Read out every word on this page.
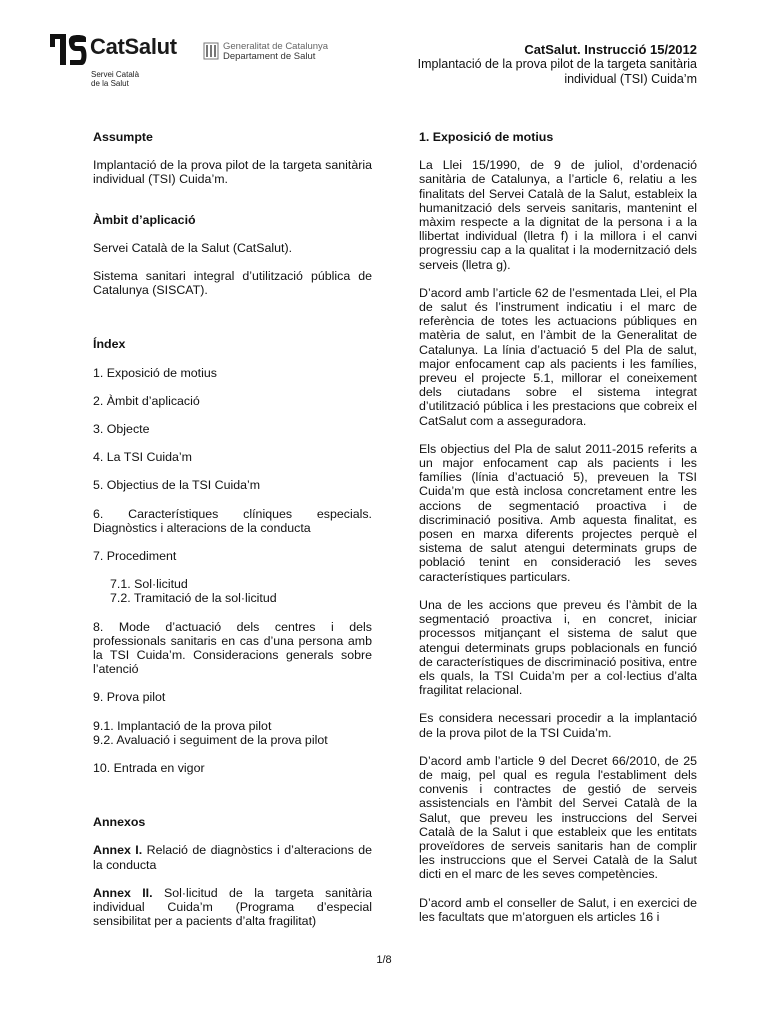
CatSalut
Servei Català
de la Salut
Generalitat de Catalunya
Departament de Salut	CatSalut. Instrucció 15/2012
Implantació de la prova pilot de la targeta sanitària
individual (TSI) Cuida’m
Assumpte

Implantació de la prova pilot de la targeta sanitària individual (TSI) Cuida’m.

Àmbit d’aplicació

Servei Català de la Salut (CatSalut).

Sistema sanitari integral d’utilització pública de Catalunya (SISCAT).

Índex

1. Exposició de motius

2. Àmbit d’aplicació

3. Objecte

4. La TSI Cuida’m

5. Objectius de la TSI Cuida’m

6. Característiques clíniques especials. Diagnòstics i alteracions de la conducta

7. Procediment

7.1. Sol·licitud

7.2. Tramitació de la sol·licitud

8. Mode d’actuació dels centres i dels professionals sanitaris en cas d’una persona amb la TSI Cuida’m. Consideracions generals sobre l’atenció

9. Prova pilot

9.1. Implantació de la prova pilot

9.2. Avaluació i seguiment de la prova pilot

10. Entrada en vigor

Annexos

Annex I. Relació de diagnòstics i d’alteracions de la conducta

Annex II. Sol·licitud de la targeta sanitària individual Cuida’m (Programa d’especial sensibilitat per a pacients d’alta fragilitat)

1. Exposició de motius

La Llei 15/1990, de 9 de juliol, d’ordenació sanitària de Catalunya, a l’article 6, relatiu a les finalitats del Servei Català de la Salut, estableix la humanització dels serveis sanitaris, mantenint el màxim respecte a la dignitat de la persona i a la llibertat individual (lletra f) i la millora i el canvi progressiu cap a la qualitat i la modernització dels serveis (lletra g).

D’acord amb l’article 62 de l’esmentada Llei, el Pla de salut és l’instrument indicatiu i el marc de referència de totes les actuacions públiques en matèria de salut, en l’àmbit de la Generalitat de Catalunya. La línia d’actuació 5 del Pla de salut, major enfocament cap als pacients i les famílies, preveu el projecte 5.1, millorar el coneixement dels ciutadans sobre el sistema integrat d’utilització pública i les prestacions que cobreix el CatSalut com a asseguradora.

Els objectius del Pla de salut 2011-2015 referits a un major enfocament cap als pacients i les famílies (línia d’actuació 5), preveuen la TSI Cuida’m que està inclosa concretament entre les accions de segmentació proactiva i de discriminació positiva. Amb aquesta finalitat, es posen en marxa diferents projectes perquè el sistema de salut atengui determinats grups de població tenint en consideració les seves característiques particulars.

Una de les accions que preveu és l’àmbit de la segmentació proactiva i, en concret, iniciar processos mitjançant el sistema de salut que atengui determinats grups poblacionals en funció de característiques de discriminació positiva, entre els quals, la TSI Cuida’m per a col·lectius d’alta fragilitat relacional.

Es considera necessari procedir a la implantació de la prova pilot de la TSI Cuida’m.

D’acord amb l’article 9 del Decret 66/2010, de 25 de maig, pel qual es regula l'establiment dels convenis i contractes de gestió de serveis assistencials en l'àmbit del Servei Català de la Salut, que preveu les instruccions del Servei Català de la Salut i que estableix que les entitats proveïdores de serveis sanitaris han de complir les instruccions que el Servei Català de la Salut dicti en el marc de les seves competències.

D’acord amb el conseller de Salut, i en exercici de les facultats que m’atorguen els articles 16 i

1/8
